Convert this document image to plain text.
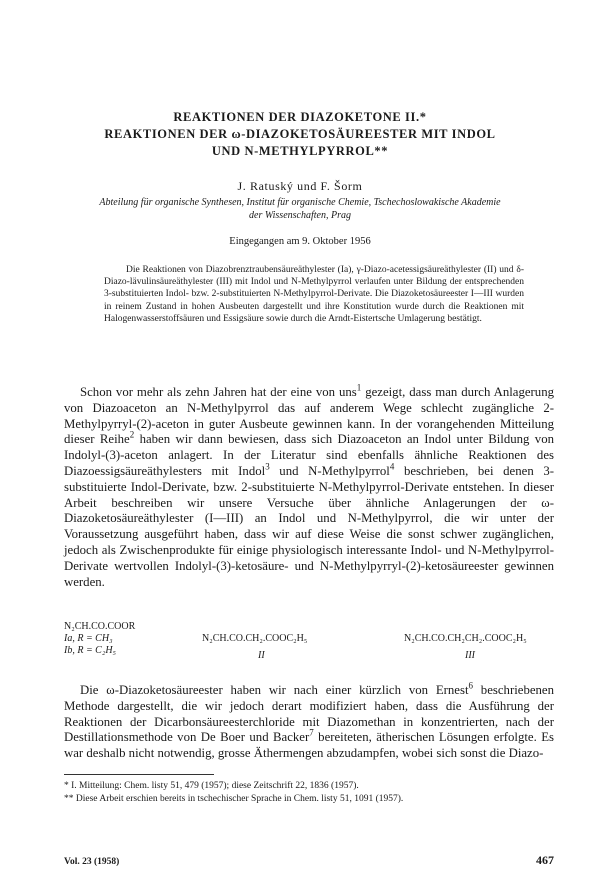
REAKTIONEN DER DIAZOKETONE II.*
REAKTIONEN DER ω-DIAZOKETOSÄUREESTER MIT INDOL
UND N-METHYLPYRROL**
J. Ratuský und F. Šorm
Abteilung für organische Synthesen, Institut für organische Chemie, Tschechoslowakische Akademie
der Wissenschaften, Prag
Eingegangen am 9. Oktober 1956

Die Reaktionen von Diazobrenztraubensäureäthylester (Ia), γ-Diazo-acetessigsäureäthylester (II) und δ-Diazo-lävulinsäureäthylester (III) mit Indol und N-Methylpyrrol verlaufen unter Bildung der entsprechenden 3-substituierten Indol- bzw. 2-substituierten N-Methylpyrrol-Derivate. Die Diazoketosäureester I—III wurden in reinem Zustand in hohen Ausbeuten dargestellt und ihre Konstitution wurde durch die Reaktionen mit Halogenwasserstoffsäuren und Essigsäure sowie durch die Arndt-Eistertsche Umlagerung bestätigt.

Schon vor mehr als zehn Jahren hat der eine von uns$^1$ gezeigt, dass man durch Anlagerung von Diazoaceton an N-Methylpyrrol das auf anderem Wege schlecht zugängliche 2-Methylpyrryl-(2)-aceton in guter Ausbeute gewinnen kann. In der vorangehenden Mitteilung dieser Reihe$^2$ haben wir dann bewiesen, dass sich Diazoaceton an Indol unter Bildung von Indolyl-(3)-aceton anlagert. In der Literatur sind ebenfalls ähnliche Reaktionen des Diazoessigsäureäthylesters mit Indol$^3$ und N-Methylpyrrol$^4$ beschrieben, bei denen 3-substituierte Indol-Derivate, bzw. 2-substituierte N-Methylpyrrol-Derivate entstehen. In dieser Arbeit beschreiben wir unsere Versuche über ähnliche Anlagerungen der ω-Diazoketosäureäthylester (I—III) an Indol und N-Methylpyrrol, die wir unter der Voraussetzung ausgeführt haben, dass wir auf diese Weise die sonst schwer zugänglichen, jedoch als Zwischenprodukte für einige physiologisch interessante Indol- und N-Methylpyrrol-Derivate wertvollen Indolyl-(3)-ketosäure- und N-Methylpyrryl-(2)-ketosäureester gewinnen werden.

N₂CH.CO.COOR
Ia, R = CH₃
Ib, R = C₂H₅
N₂CH.CO.CH₂.COOC₂H₅
II
N₂CH.CO.CH₂CH₂.COOC₂H₅
III

Die ω-Diazoketosäureester haben wir nach einer kürzlich von Ernest$^6$ beschriebenen Methode dargestellt, die wir jedoch derart modifiziert haben, dass die Ausführung der Reaktionen der Dicarbonsäureesterchloride mit Diazomethan in konzentrierten, nach der Destillationsmethode von De Boer und Backer$^7$ bereiteten, ätherischen Lösungen erfolgte. Es war deshalb nicht notwendig, grosse Äthermengen abzudampfen, wobei sich sonst die Diazo-

* I. Mitteilung: Chem. listy 51, 479 (1957); diese Zeitschrift 22, 1836 (1957).

** Diese Arbeit erschien bereits in tschechischer Sprache in Chem. listy 51, 1091 (1957).

Vol. 23 (1958)	467
